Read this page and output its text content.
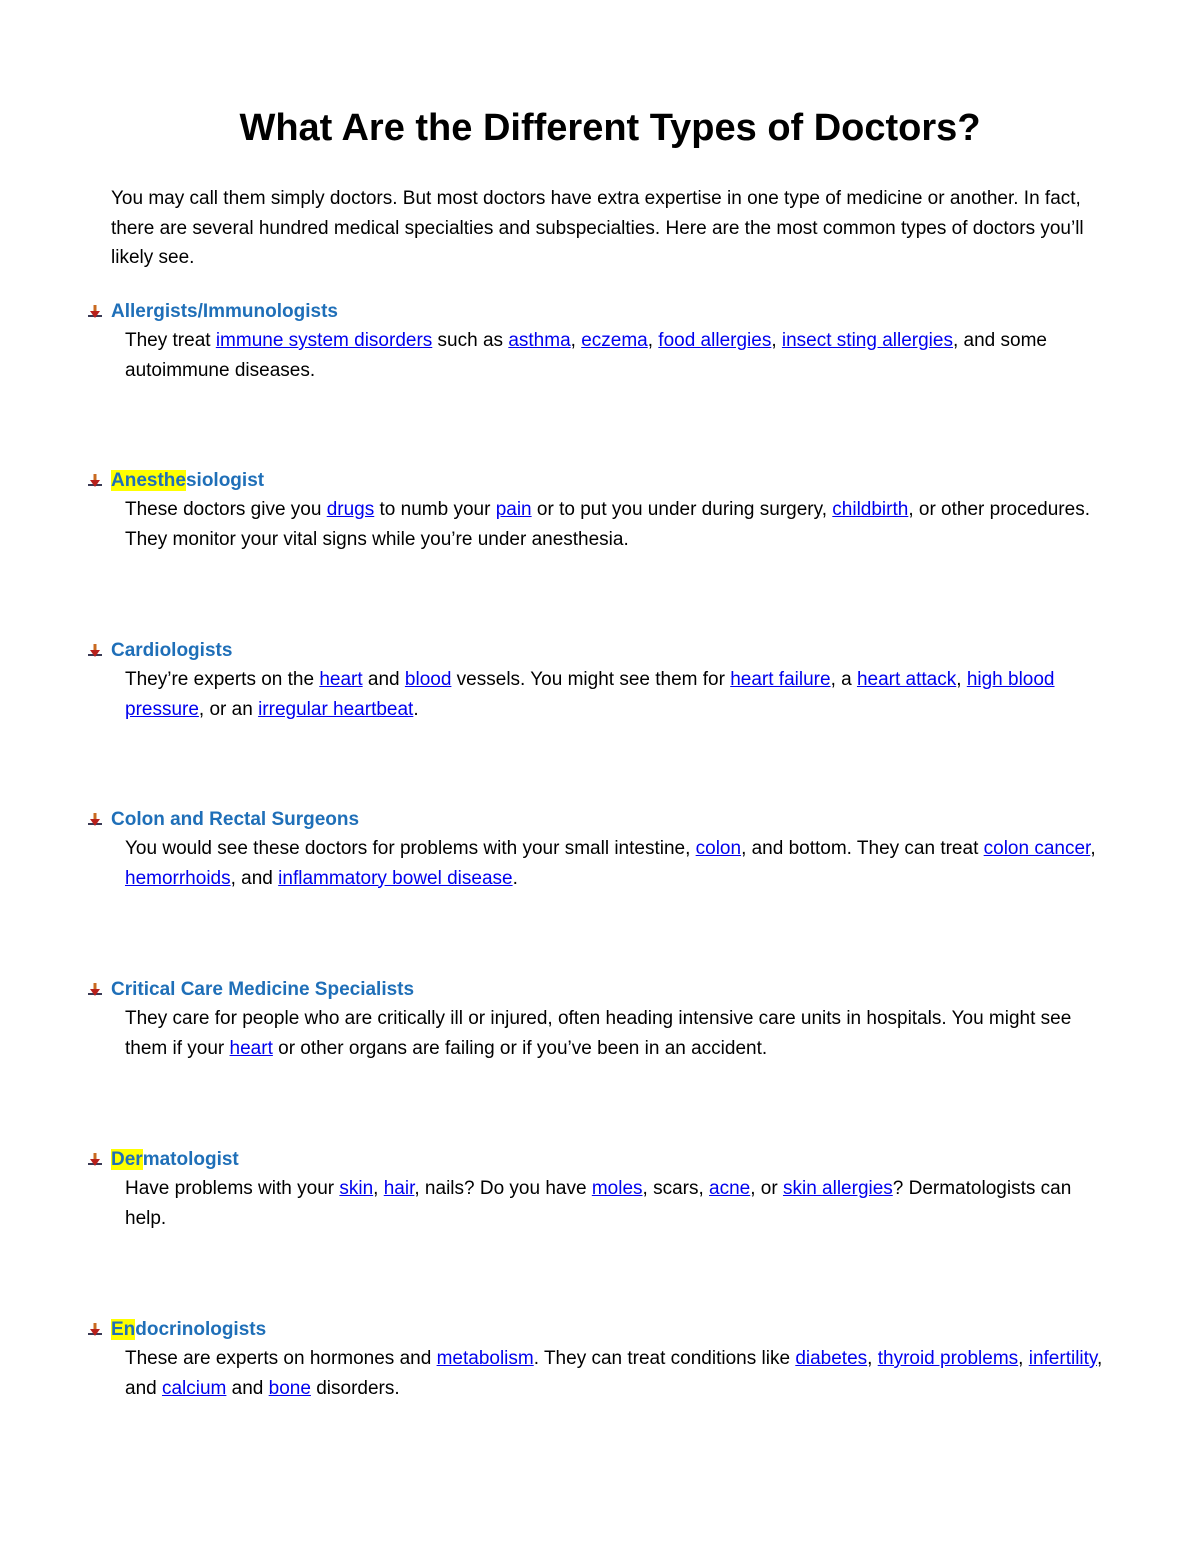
What Are the Different Types of Doctors?

You may call them simply doctors. But most doctors have extra expertise in one type of medicine or another. In fact, there are several hundred medical specialties and subspecialties. Here are the most common types of doctors you’ll likely see.

Allergists/Immunologists

They treat immune system disorders such as asthma, eczema, food allergies, insect sting allergies, and some autoimmune diseases.

Anesthesiologist

These doctors give you drugs to numb your pain or to put you under during surgery, childbirth, or other procedures. They monitor your vital signs while you’re under anesthesia.

Cardiologists

They’re experts on the heart and blood vessels. You might see them for heart failure, a heart attack, high blood pressure, or an irregular heartbeat.

Colon and Rectal Surgeons

You would see these doctors for problems with your small intestine, colon, and bottom. They can treat colon cancer, hemorrhoids, and inflammatory bowel disease.

Critical Care Medicine Specialists

They care for people who are critically ill or injured, often heading intensive care units in hospitals. You might see them if your heart or other organs are failing or if you’ve been in an accident.

Dermatologist

Have problems with your skin, hair, nails? Do you have moles, scars, acne, or skin allergies? Dermatologists can help.

Endocrinologists

These are experts on hormones and metabolism. They can treat conditions like diabetes, thyroid problems, infertility, and calcium and bone disorders.
